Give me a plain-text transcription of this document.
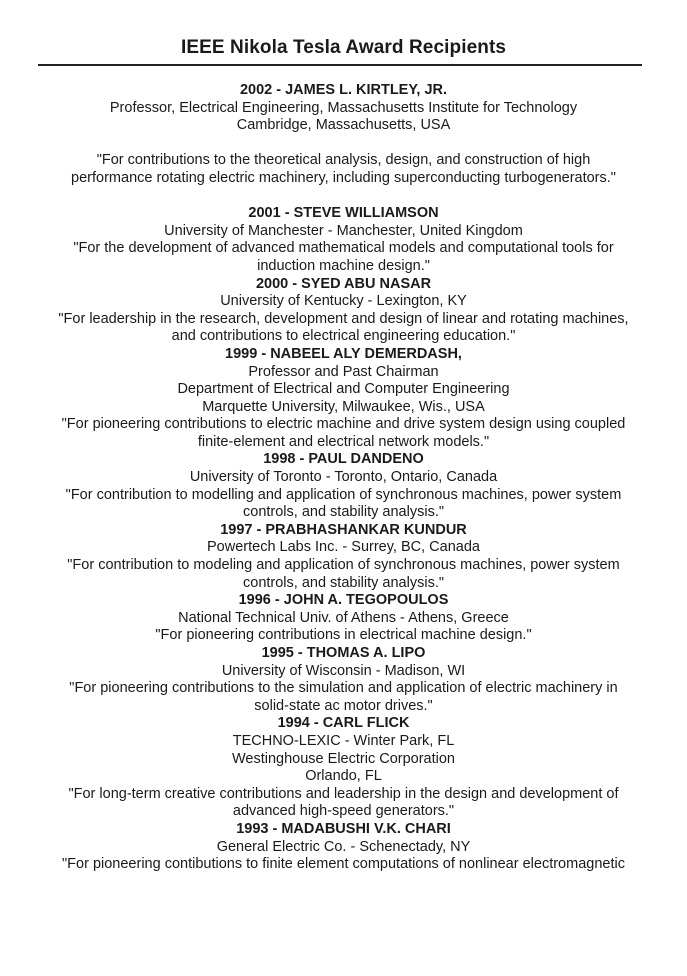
IEEE Nikola Tesla Award Recipients
2002 - JAMES L. KIRTLEY, JR.
Professor, Electrical Engineering, Massachusetts Institute for Technology
Cambridge, Massachusetts, USA
"For contributions to the theoretical analysis, design, and construction of high
performance rotating electric machinery, including superconducting turbogenerators."
2001 - STEVE WILLIAMSON
University of Manchester - Manchester, United Kingdom
"For the development of advanced mathematical models and computational tools for
induction machine design."
2000 - SYED ABU NASAR
University of Kentucky - Lexington, KY
"For leadership in the research, development and design of linear and rotating machines,
and contributions to electrical engineering education."
1999 - NABEEL ALY DEMERDASH,
Professor and Past Chairman
Department of Electrical and Computer Engineering
Marquette University, Milwaukee, Wis., USA
"For pioneering contributions to electric machine and drive system design using coupled
finite-element and electrical network models."
1998 - PAUL DANDENO
University of Toronto - Toronto, Ontario, Canada
"For contribution to modelling and application of synchronous machines, power system
controls, and stability analysis."
1997 - PRABHASHANKAR KUNDUR
Powertech Labs Inc. - Surrey, BC, Canada
"For contribution to modeling and application of synchronous machines, power system
controls, and stability analysis."
1996 - JOHN A. TEGOPOULOS
National Technical Univ. of Athens - Athens, Greece
"For pioneering contributions in electrical machine design."
1995 - THOMAS A. LIPO
University of Wisconsin - Madison, WI
"For pioneering contributions to the simulation and application of electric machinery in
solid-state ac motor drives."
1994 - CARL FLICK
TECHNO-LEXIC - Winter Park, FL
Westinghouse Electric Corporation
Orlando, FL
"For long-term creative contributions and leadership in the design and development of
advanced high-speed generators."
1993 - MADABUSHI V.K. CHARI
General Electric Co. - Schenectady, NY
"For pioneering contibutions to finite element computations of nonlinear electromagnetic
